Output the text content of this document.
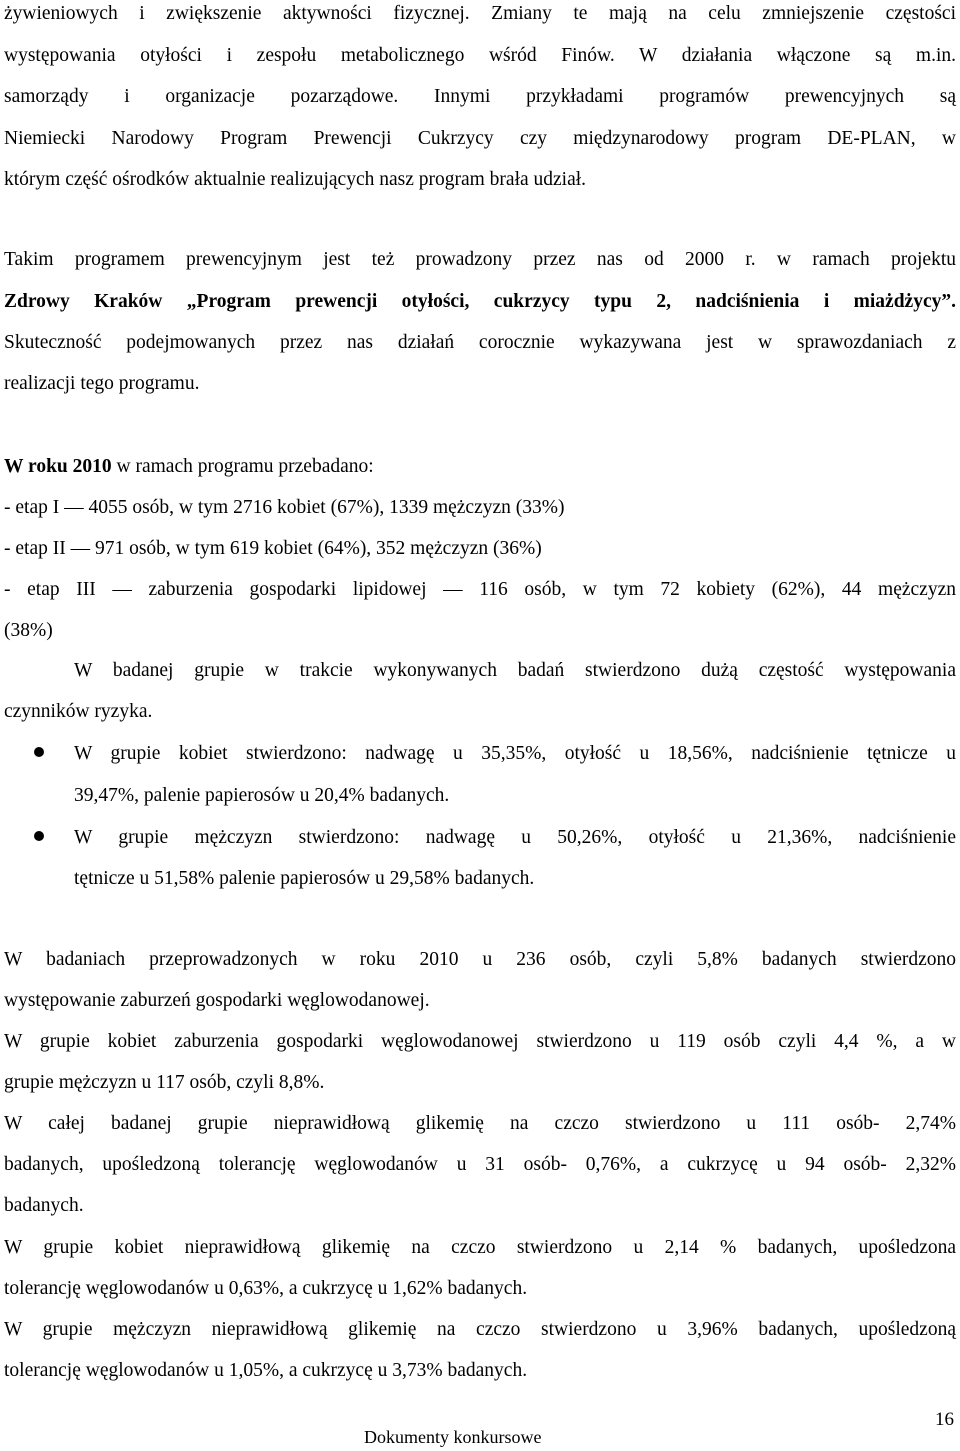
żywieniowych i zwiększenie aktywności fizycznej. Zmiany te mają na celu zmniejszenie częstości
występowania otyłości i zespołu metabolicznego wśród Finów. W działania włączone są m.in.
samorządy i organizacje pozarządowe. Innymi przykładami programów prewencyjnych są
Niemiecki Narodowy Program Prewencji Cukrzycy czy międzynarodowy program DE-PLAN, w
którym część ośrodków aktualnie realizujących nasz program brała udział.
Takim programem prewencyjnym jest też prowadzony przez nas od 2000 r. w ramach projektu
Zdrowy Kraków „Program prewencji otyłości, cukrzycy typu 2, nadciśnienia i miażdżycy”.
Skuteczność podejmowanych przez nas działań corocznie wykazywana jest w sprawozdaniach z
realizacji tego programu.
W roku 2010 w ramach programu przebadano:
- etap I — 4055 osób, w tym 2716 kobiet (67%), 1339 mężczyzn (33%)
- etap II — 971 osób, w tym 619 kobiet (64%), 352 mężczyzn (36%)
- etap III — zaburzenia gospodarki lipidowej — 116 osób, w tym 72 kobiety (62%), 44 mężczyzn
(38%)
W badanej grupie w trakcie wykonywanych badań stwierdzono dużą częstość występowania
czynników ryzyka.
W grupie kobiet stwierdzono: nadwagę u 35,35%, otyłość u 18,56%, nadciśnienie tętnicze u
39,47%, palenie papierosów u 20,4% badanych.
W grupie mężczyzn stwierdzono: nadwagę u 50,26%, otyłość u 21,36%, nadciśnienie
tętnicze u 51,58% palenie papierosów u 29,58% badanych.
W badaniach przeprowadzonych w roku 2010 u 236 osób, czyli 5,8% badanych stwierdzono
występowanie zaburzeń gospodarki węglowodanowej.
W grupie kobiet zaburzenia gospodarki węglowodanowej stwierdzono u 119 osób czyli 4,4 %, a w
grupie mężczyzn u 117 osób, czyli 8,8%.
W całej badanej grupie nieprawidłową glikemię na czczo stwierdzono u 111 osób- 2,74%
badanych, upośledzoną tolerancję węglowodanów u 31 osób- 0,76%, a cukrzycę u 94 osób- 2,32%
badanych.
W grupie kobiet nieprawidłową glikemię na czczo stwierdzono u 2,14 % badanych, upośledzona
tolerancję węglowodanów u 0,63%, a cukrzycę u 1,62% badanych.
W grupie mężczyzn nieprawidłową glikemię na czczo stwierdzono u 3,96% badanych, upośledzoną
tolerancję węglowodanów u 1,05%, a cukrzycę u 3,73% badanych.
16
Dokumenty konkursowe
